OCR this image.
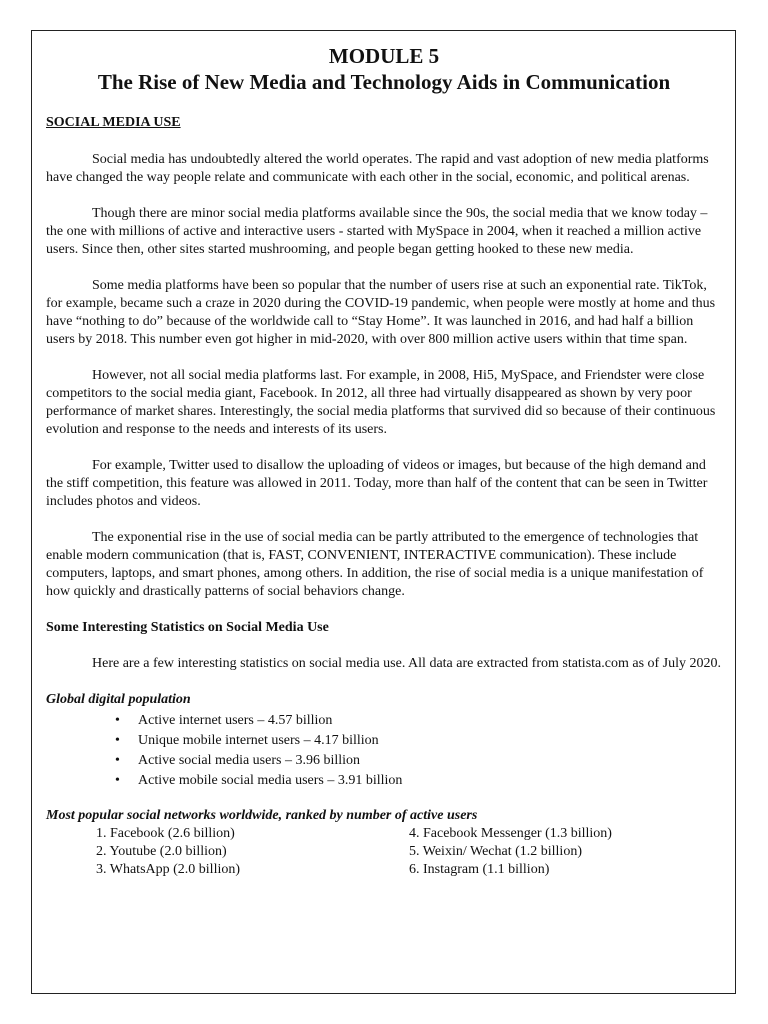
MODULE 5
The Rise of New Media and Technology Aids in Communication
SOCIAL MEDIA USE

Social media has undoubtedly altered the world operates. The rapid and vast adoption of new media platforms have changed the way people relate and communicate with each other in the social, economic, and political arenas.

Though there are minor social media platforms available since the 90s, the social media that we know today – the one with millions of active and interactive users - started with MySpace in 2004, when it reached a million active users. Since then, other sites started mushrooming, and people began getting hooked to these new media.

Some media platforms have been so popular that the number of users rise at such an exponential rate. TikTok, for example, became such a craze in 2020 during the COVID-19 pandemic, when people were mostly at home and thus have “nothing to do” because of the worldwide call to “Stay Home”. It was launched in 2016, and had half a billion users by 2018. This number even got higher in mid-2020, with over 800 million active users within that time span.

However, not all social media platforms last. For example, in 2008, Hi5, MySpace, and Friendster were close competitors to the social media giant, Facebook. In 2012, all three had virtually disappeared as shown by very poor performance of market shares. Interestingly, the social media platforms that survived did so because of their continuous evolution and response to the needs and interests of its users.

For example, Twitter used to disallow the uploading of videos or images, but because of the high demand and the stiff competition, this feature was allowed in 2011. Today, more than half of the content that can be seen in Twitter includes photos and videos.

The exponential rise in the use of social media can be partly attributed to the emergence of technologies that enable modern communication (that is, FAST, CONVENIENT, INTERACTIVE communication). These include computers, laptops, and smart phones, among others. In addition, the rise of social media is a unique manifestation of how quickly and drastically patterns of social behaviors change.

Some Interesting Statistics on Social Media Use

Here are a few interesting statistics on social media use. All data are extracted from statista.com as of July 2020.

Global digital population
• Active internet users – 4.57 billion
• Unique mobile internet users – 4.17 billion
• Active social media users – 3.96 billion
• Active mobile social media users – 3.91 billion
Most popular social networks worldwide, ranked by number of active users
1. Facebook (2.6 billion)
2. Youtube (2.0 billion)
3. WhatsApp (2.0 billion)
4. Facebook Messenger (1.3 billion)
5. Weixin/ Wechat (1.2 billion)
6. Instagram (1.1 billion)
